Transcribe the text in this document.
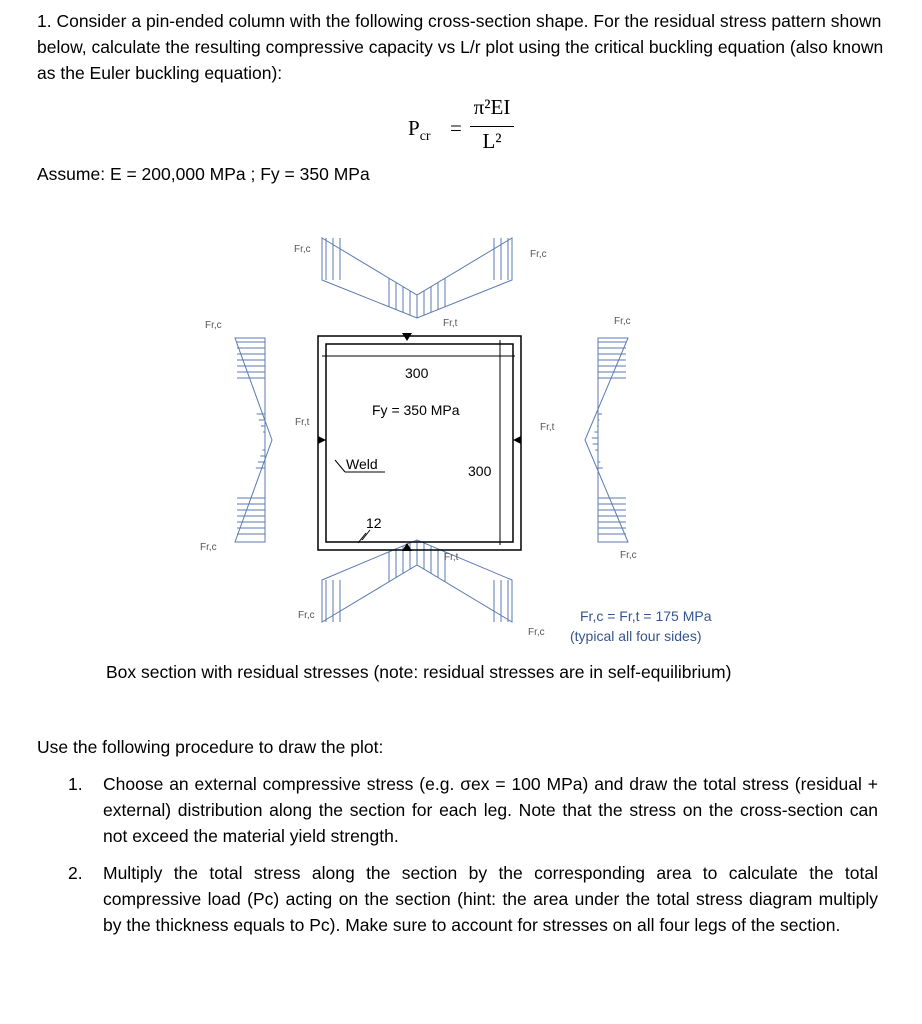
1. Consider a pin-ended column with the following cross-section shape. For the residual stress pattern shown below, calculate the resulting compressive capacity vs L/r plot using the critical buckling equation (also known as the Euler buckling equation):
$P_{cr}$ =
π²EI
L²
Assume: E = 200,000 MPa ; Fy = 350 MPa
Fr,c	Fr,c
Fr,t
Fr,c
Fr,t
Fr,c
Fr,c
Fr,t
Fr,c
Fr,t
Fr,c
Fr,c
300
Fy = 350 MPa
Weld	300
12
Fr,c = Fr,t = 175 MPa
(typical all four sides)
Box section with residual stresses (note: residual stresses are in self-equilibrium)
Use the following procedure to draw the plot:
1. Choose an external compressive stress (e.g. σex = 100 MPa) and draw the total stress (residual + external) distribution along the section for each leg. Note that the stress on the cross-section can not exceed the material yield strength.
2. Multiply the total stress along the section by the corresponding area to calculate the total compressive load (Pc) acting on the section (hint: the area under the total stress diagram multiply by the thickness equals to Pc). Make sure to account for stresses on all four legs of the section.
